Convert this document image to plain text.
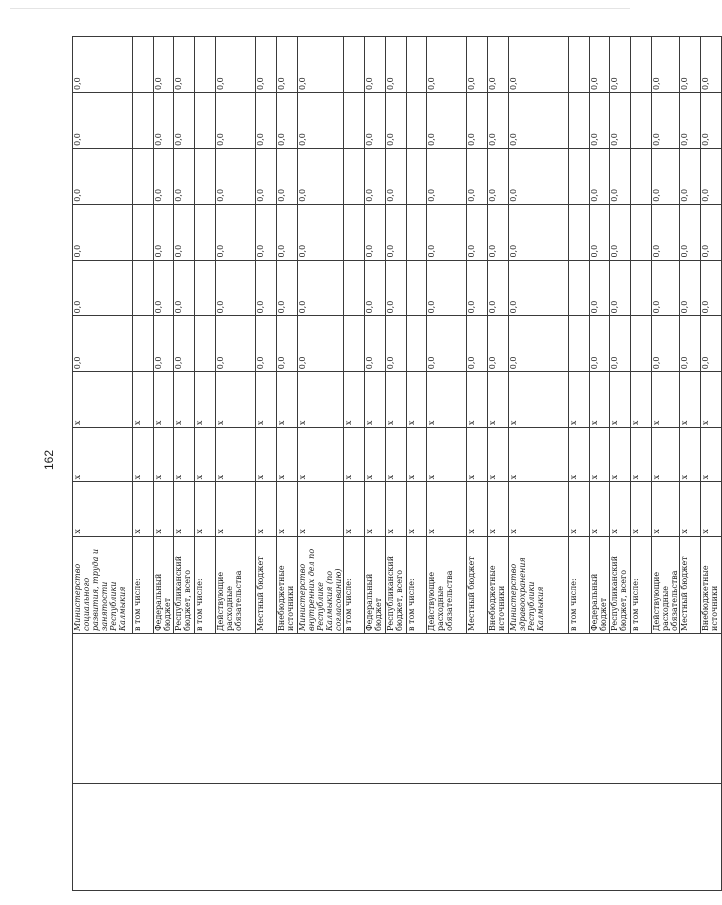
162
		Министерство социального развития, труда и занятости Республики Калмыкия	x	x	x	0,0	0,0	0,0	0,0	0,0	0,0
		в том числе:	x	x	x						
		Федеральный бюджет	x	x	x	0,0	0,0	0,0	0,0	0,0	0,0
		Республиканский бюджет, всего	x	x	x	0,0	0,0	0,0	0,0	0,0	0,0
		в том числе:	x	x	x						
		Действующие расходные обязательства	x	x	x	0,0	0,0	0,0	0,0	0,0	0,0
		Местный бюджет	x	x	x	0,0	0,0	0,0	0,0	0,0	0,0
		Внебюджетные источники	x	x	x	0,0	0,0	0,0	0,0	0,0	0,0
		Министерство внутренних дел по Республике Калмыкия (по согласованию)	x	x	x	0,0	0,0	0,0	0,0	0,0	0,0
		в том числе:	x	x	x						
		Федеральный бюджет	x	x	x	0,0	0,0	0,0	0,0	0,0	0,0
		Республиканский бюджет, всего	x	x	x	0,0	0,0	0,0	0,0	0,0	0,0
		в том числе:	x	x	x						
		Действующие расходные обязательства	x	x	x	0,0	0,0	0,0	0,0	0,0	0,0
		Местный бюджет	x	x	x	0,0	0,0	0,0	0,0	0,0	0,0
		Внебюджетные источники	x	x	x	0,0	0,0	0,0	0,0	0,0	0,0
		Министерство здравоохранения Республики Калмыкия	x	x	x	0,0	0,0	0,0	0,0	0,0	0,0
		в том числе:	x	x	x						
		Федеральный бюджет	x	x	x	0,0	0,0	0,0	0,0	0,0	0,0
		Республиканский бюджет, всего	x	x	x	0,0	0,0	0,0	0,0	0,0	0,0
		в том числе:	x	x	x						
		Действующие расходные обязательства	x	x	x	0,0	0,0	0,0	0,0	0,0	0,0
		Местный бюджет	x	x	x	0,0	0,0	0,0	0,0	0,0	0,0
		Внебюджетные источники	x	x	x	0,0	0,0	0,0	0,0	0,0	0,0
